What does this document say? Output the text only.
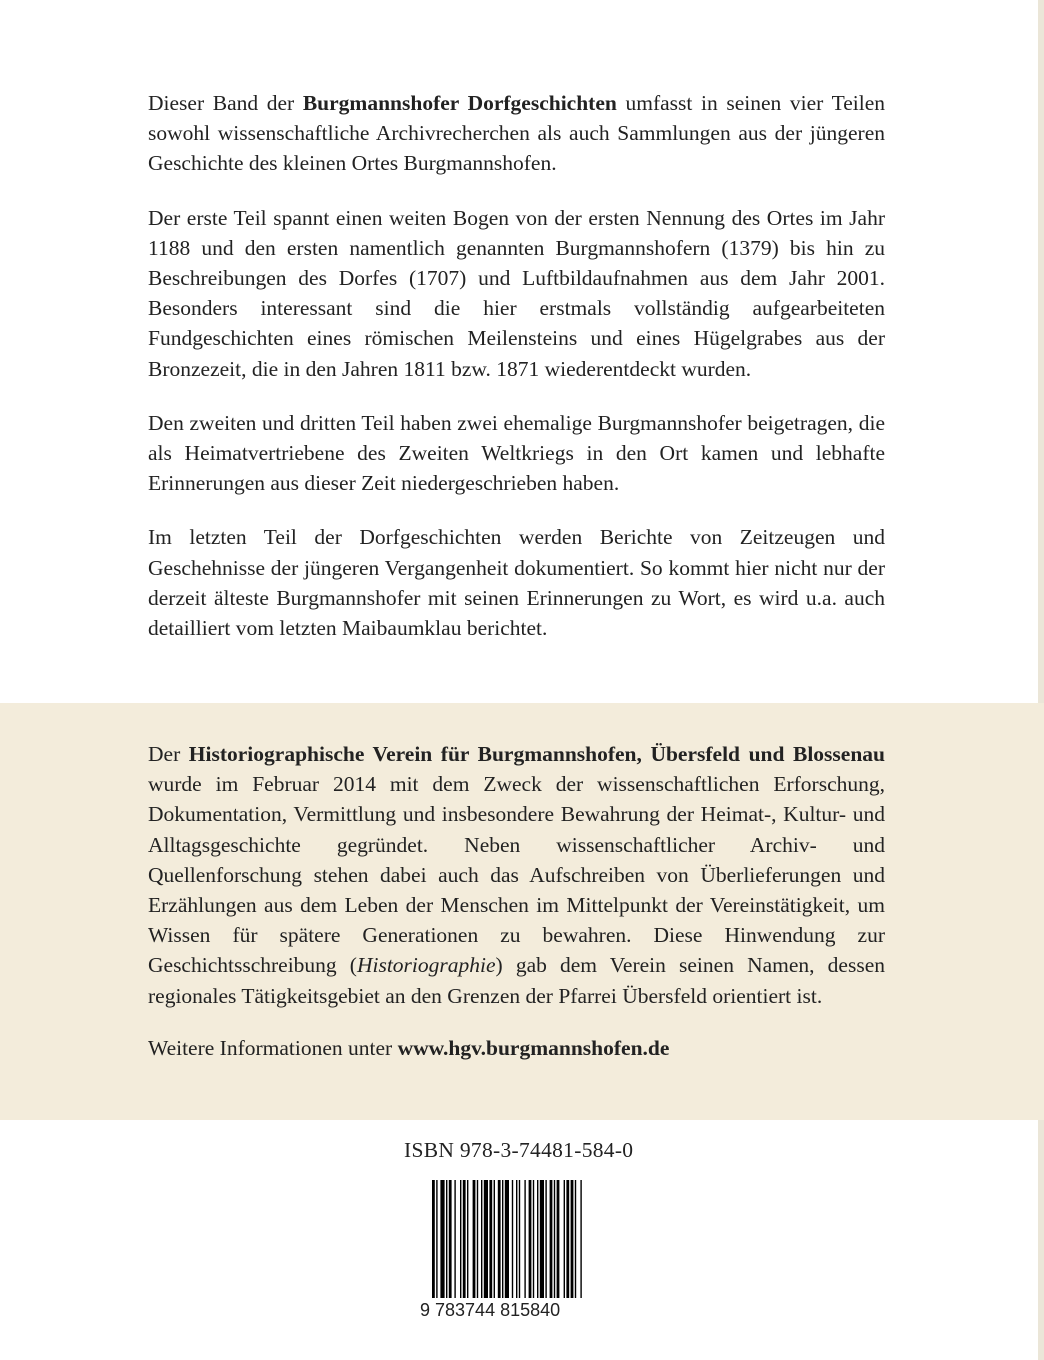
Dieser Band der Burgmannshofer Dorfgeschichten umfasst in seinen vier Teilen sowohl wissenschaftliche Archivrecherchen als auch Sammlungen aus der jüngeren Geschichte des kleinen Ortes Burgmannshofen.

Der erste Teil spannt einen weiten Bogen von der ersten Nennung des Ortes im Jahr 1188 und den ersten namentlich genannten Burgmannshofern (1379) bis hin zu Beschreibungen des Dorfes (1707) und Luftbildaufnahmen aus dem Jahr 2001. Besonders interessant sind die hier erstmals vollständig aufgearbeiteten Fundgeschichten eines römischen Meilensteins und eines Hügelgrabes aus der Bronzezeit, die in den Jahren 1811 bzw. 1871 wiederentdeckt wurden.

Den zweiten und dritten Teil haben zwei ehemalige Burgmannshofer beigetragen, die als Heimatvertriebene des Zweiten Weltkriegs in den Ort kamen und lebhafte Erinnerungen aus dieser Zeit niedergeschrieben haben.

Im letzten Teil der Dorfgeschichten werden Berichte von Zeitzeugen und Geschehnisse der jüngeren Vergangenheit dokumentiert. So kommt hier nicht nur der derzeit älteste Burgmannshofer mit seinen Erinnerungen zu Wort, es wird u.a. auch detailliert vom letzten Maibaumklau berichtet.

Der Historiographische Verein für Burgmannshofen, Übersfeld und Blossenau wurde im Februar 2014 mit dem Zweck der wissenschaftlichen Erforschung, Dokumentation, Vermittlung und insbesondere Bewahrung der Heimat-, Kultur- und Alltagsgeschichte gegründet. Neben wissenschaftlicher Archiv- und Quellenforschung stehen dabei auch das Aufschreiben von Überlieferungen und Erzählungen aus dem Leben der Menschen im Mittelpunkt der Vereinstätigkeit, um Wissen für spätere Generationen zu bewahren. Diese Hinwendung zur Geschichtsschreibung (Historiographie) gab dem Verein seinen Namen, dessen regionales Tätigkeitsgebiet an den Grenzen der Pfarrei Übersfeld orientiert ist.

Weitere Informationen unter www.hgv.burgmannshofen.de

ISBN 978-3-74481-584-0
9 783744 815840
